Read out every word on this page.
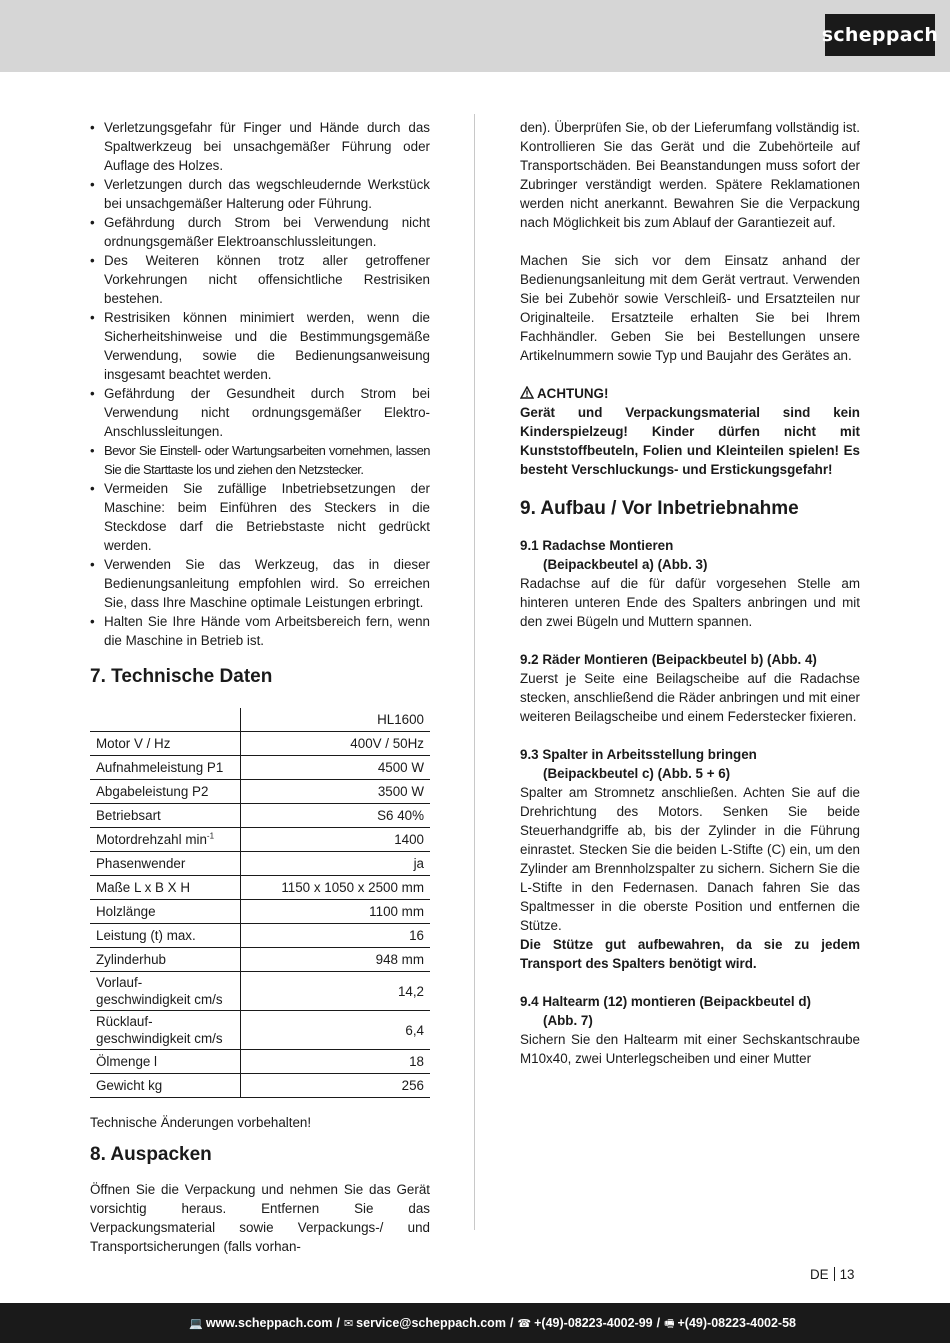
scheppach
• Verletzungsgefahr für Finger und Hände durch das Spaltwerkzeug bei unsachgemäßer Führung oder Auflage des Holzes.
• Verletzungen durch das wegschleudernde Werkstück bei unsachgemäßer Halterung oder Führung.
• Gefährdung durch Strom bei Verwendung nicht ordnungsgemäßer Elektroanschlussleitungen.
• Des Weiteren können trotz aller getroffener Vorkehrungen nicht offensichtliche Restrisiken bestehen.
• Restrisiken können minimiert werden, wenn die Sicherheitshinweise und die Bestimmungsgemäße Verwendung, sowie die Bedienungsanweisung insgesamt beachtet werden.
• Gefährdung der Gesundheit durch Strom bei Verwendung nicht ordnungsgemäßer Elektro-Anschlussleitungen.
• Bevor Sie Einstell- oder Wartungsarbeiten vornehmen, lassen Sie die Starttaste los und ziehen den Netzstecker.
• Vermeiden Sie zufällige Inbetriebsetzungen der Maschine: beim Einführen des Steckers in die Steckdose darf die Betriebstaste nicht gedrückt werden.
• Verwenden Sie das Werkzeug, das in dieser Bedienungsanleitung empfohlen wird. So erreichen Sie, dass Ihre Maschine optimale Leistungen erbringt.
• Halten Sie Ihre Hände vom Arbeitsbereich fern, wenn die Maschine in Betrieb ist.
7. Technische Daten
	HL1600
Motor V / Hz	400V / 50Hz
Aufnahmeleistung P1	4500 W
Abgabeleistung P2	3500 W
Betriebsart	S6 40%
Motordrehzahl $\min^{-1}$	1400
Phasenwender	ja
Maße L x B X H	1150 x 1050 x 2500 mm
Holzlänge	1100 mm
Leistung (t) max.	16
Zylinderhub	948 mm

Vorlauf-
geschwindigkeit cm/s	14,2

Rücklauf-
geschwindigkeit cm/s	6,4
Ölmenge l	18
Gewicht kg	256

Technische Änderungen vorbehalten!

8. Auspacken

Öffnen Sie die Verpackung und nehmen Sie das Gerät vorsichtig heraus. Entfernen Sie das Verpackungsmaterial sowie Verpackungs-/ und Transportsicherungen (falls vorhan-

den). Überprüfen Sie, ob der Lieferumfang vollständig ist. Kontrollieren Sie das Gerät und die Zubehörteile auf Transportschäden. Bei Beanstandungen muss sofort der Zubringer verständigt werden. Spätere Reklamationen werden nicht anerkannt. Bewahren Sie die Verpackung nach Möglichkeit bis zum Ablauf der Garantiezeit auf.

Machen Sie sich vor dem Einsatz anhand der Bedienungsanleitung mit dem Gerät vertraut. Verwenden Sie bei Zubehör sowie Verschleiß- und Ersatzteilen nur Originalteile. Ersatzteile erhalten Sie bei Ihrem Fachhändler. Geben Sie bei Bestellungen unsere Artikelnummern sowie Typ und Baujahr des Gerätes an.

ACHTUNG!

Gerät und Verpackungsmaterial sind kein Kinderspielzeug! Kinder dürfen nicht mit Kunststoffbeuteln, Folien und Kleinteilen spielen! Es besteht Verschluckungs- und Erstickungsgefahr!

9. Aufbau / Vor Inbetriebnahme
9.1 Radachse Montieren
(Beipackbeutel a) (Abb. 3)

Radachse auf die für dafür vorgesehen Stelle am hinteren unteren Ende des Spalters anbringen und mit den zwei Bügeln und Muttern spannen.

9.2 Räder Montieren (Beipackbeutel b) (Abb. 4)

Zuerst je Seite eine Beilagscheibe auf die Radachse stecken, anschließend die Räder anbringen und mit einer weiteren Beilagscheibe und einem Federstecker fixieren.

9.3 Spalter in Arbeitsstellung bringen
(Beipackbeutel c) (Abb. 5 + 6)

Spalter am Stromnetz anschließen. Achten Sie auf die Drehrichtung des Motors. Senken Sie beide Steuerhandgriffe ab, bis der Zylinder in die Führung einrastet. Stecken Sie die beiden L-Stifte (C) ein, um den Zylinder am Brennholzspalter zu sichern. Sichern Sie die L-Stifte in den Federnasen. Danach fahren Sie das Spaltmesser in die oberste Position und entfernen die Stütze.

Die Stütze gut aufbewahren, da sie zu jedem Transport des Spalters benötigt wird.

9.4 Haltearm (12) montieren (Beipackbeutel d)
(Abb. 7)

Sichern Sie den Haltearm mit einer Sechskantschraube M10x40, zwei Unterlegscheiben und einer Mutter

DE 13
💻 www.scheppach.com / ✉ service@scheppach.com / ☎ +(49)-08223-4002-99 / 🖷 +(49)-08223-4002-58
